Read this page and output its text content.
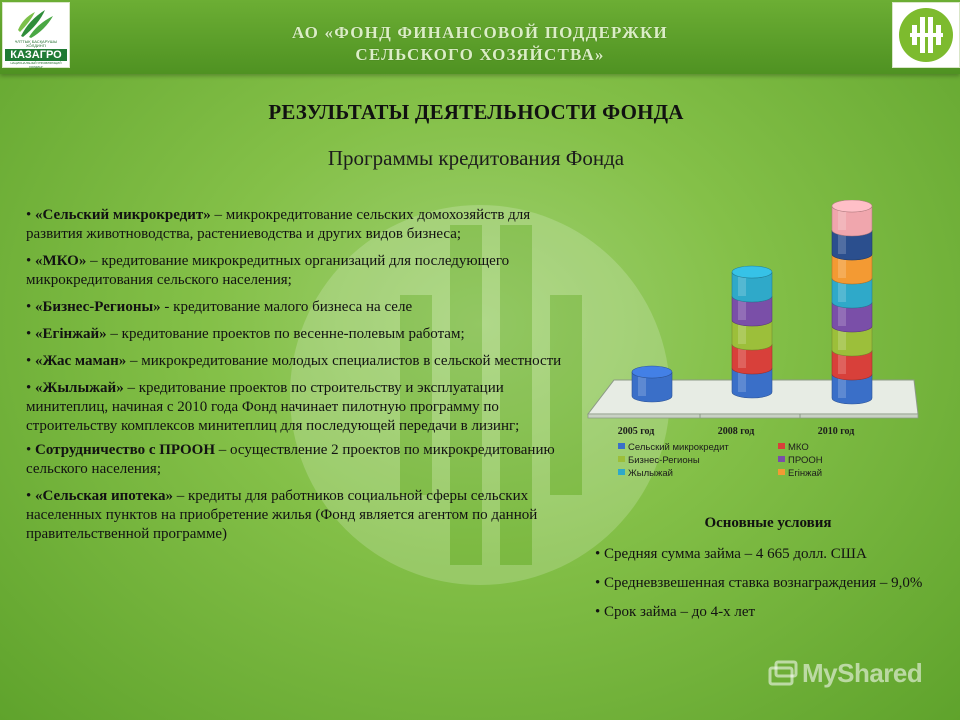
ҰЛТТЫҚ БАСҚАРУШЫ ХОЛДИНГІ
КАЗАГРО
НАЦИОНАЛЬНЫЙ УПРАВЛЯЮЩИЙ ХОЛДИНГ
АО «ФОНД ФИНАНСОВОЙ ПОДДЕРЖКИ
СЕЛЬСКОГО ХОЗЯЙСТВА»
РЕЗУЛЬТАТЫ ДЕЯТЕЛЬНОСТИ ФОНДА
Программы кредитования Фонда
• «Сельский микрокредит» – микрокредитование сельских домохозяйств для развития животноводства, растениеводства и других видов бизнеса;
• «МКО» – кредитование микрокредитных организаций для последующего микрокредитования сельского населения;
• «Бизнес-Регионы» - кредитование малого бизнеса на селе
• «Егінжай» – кредитование проектов по весенне-полевым работам;
• «Жас маман» – микрокредитование молодых специалистов в сельской местности
• «Жылыжай» – кредитование проектов по строительству и эксплуатации минитеплиц, начиная с 2010 года Фонд начинает пилотную программу по строительству комплексов минитеплиц для последующей передачи в лизинг;
• Сотрудничество с ПРООН – осуществление 2 проектов по микрокредитованию сельского населения;
• «Сельская ипотека» – кредиты для работников социальной сферы сельских населенных пунктов на приобретение жилья (Фонд является агентом по данной правительственной программе)
2005 год	2008 год	2010 год
Сельский микрокредит	МКО
Бизнес-Регионы	ПРООН
Жылыжай	Егінжай
Основные условия
• Средняя сумма займа – 4 665 долл. США
• Средневзвешенная ставка вознаграждения – 9,0%
• Срок займа – до 4-х лет
MyShared
